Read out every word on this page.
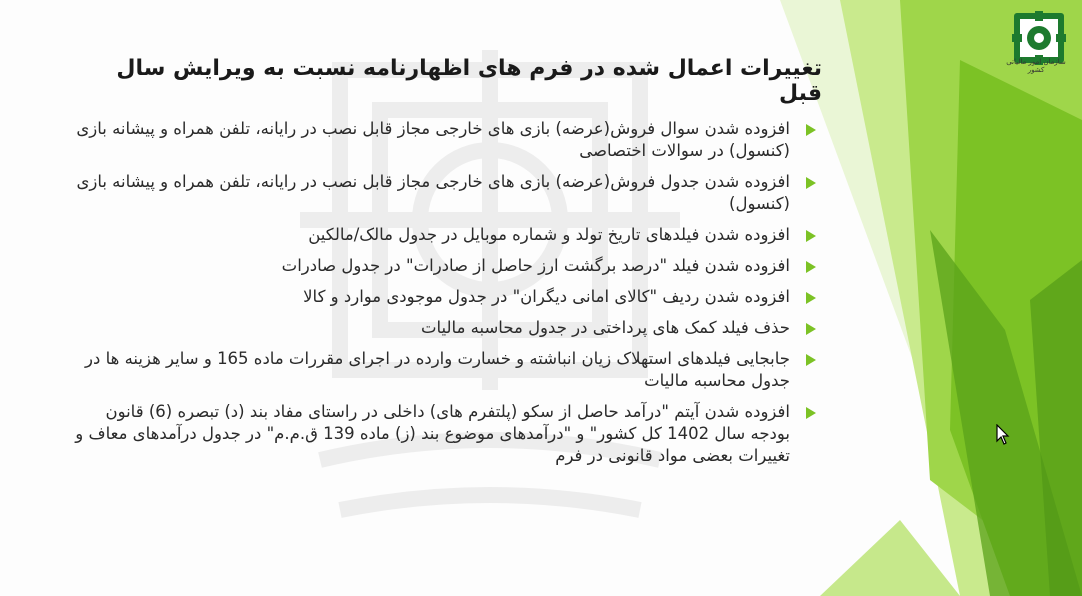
سازمان امور مالیاتی کشور
تغییرات اعمال شده در فرم های اظهارنامه نسبت به ویرایش سال قبل
افزوده شدن سوال فروش(عرضه) بازی های خارجی مجاز قابل نصب در رایانه، تلفن همراه و پیشانه بازی (کنسول) در سوالات اختصاصی
افزوده شدن جدول فروش(عرضه) بازی های خارجی مجاز قابل نصب در رایانه، تلفن همراه و پیشانه بازی (کنسول)
افزوده شدن فیلدهای تاریخ تولد و شماره موبایل در جدول مالک/مالکین
افزوده شدن فیلد "درصد برگشت ارز حاصل از صادرات" در جدول صادرات
افزوده شدن ردیف "کالای امانی دیگران" در جدول موجودی موارد و کالا
حذف فیلد کمک های پرداختی در جدول محاسبه مالیات
جابجایی فیلدهای استهلاک زیان انباشته و خسارت وارده در اجرای مقررات ماده 165 و سایر هزینه ها در جدول محاسبه مالیات
افزوده شدن آیتم "درآمد حاصل از سکو (پلتفرم های) داخلی در راستای مفاد بند (د) تبصره (6) قانون بودجه سال 1402 کل کشور" و "درآمدهای موضوع بند (ز) ماده 139 ق.م.م" در جدول درآمدهای معاف و تغییرات بعضی مواد قانونی در فرم
